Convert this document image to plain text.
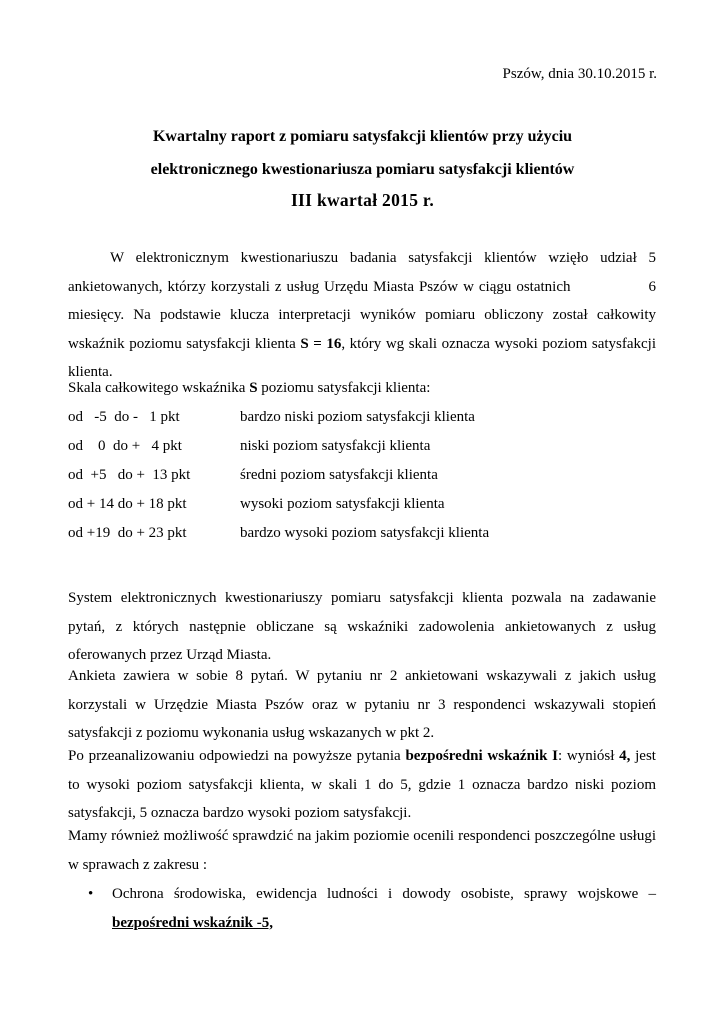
Pszów, dnia 30.10.2015 r.
Kwartalny raport z pomiaru satysfakcji klientów przy użyciu
elektronicznego kwestionariusza pomiaru satysfakcji klientów
III kwartał 2015 r.
W elektronicznym kwestionariuszu badania satysfakcji klientów wzięło udział 5 ankietowanych, którzy korzystali z usług Urzędu Miasta Pszów w ciągu ostatnich	6 miesięcy. Na podstawie klucza interpretacji wyników pomiaru obliczony został całkowity wskaźnik poziomu satysfakcji klienta S = 16, który wg skali oznacza wysoki poziom satysfakcji klienta.
Skala całkowitego wskaźnika S poziomu satysfakcji klienta:
od   -5  do -   1 pkt	bardzo niski poziom satysfakcji klienta
od    0  do +   4 pkt	niski poziom satysfakcji klienta
od  +5   do +  13 pkt	średni poziom satysfakcji klienta
od + 14 do + 18 pkt	wysoki poziom satysfakcji klienta
od +19  do + 23 pkt	bardzo wysoki poziom satysfakcji klienta
System elektronicznych kwestionariuszy pomiaru satysfakcji klienta pozwala na zadawanie pytań, z których następnie obliczane są wskaźniki zadowolenia ankietowanych z usług oferowanych przez Urząd Miasta.
Ankieta zawiera w sobie 8 pytań. W pytaniu nr 2 ankietowani wskazywali z jakich usług korzystali w Urzędzie Miasta Pszów oraz w pytaniu nr 3 respondenci wskazywali stopień satysfakcji z poziomu wykonania usług wskazanych w pkt 2.
Po przeanalizowaniu odpowiedzi na powyższe pytania bezpośredni wskaźnik I: wyniósł 4, jest to wysoki poziom satysfakcji klienta, w skali 1 do 5, gdzie 1 oznacza bardzo niski poziom satysfakcji, 5 oznacza bardzo wysoki poziom satysfakcji.
Mamy również możliwość sprawdzić na jakim poziomie ocenili respondenci poszczególne usługi w sprawach z zakresu :
• Ochrona środowiska, ewidencja ludności i dowody osobiste, sprawy wojskowe – bezpośredni wskaźnik -5,
